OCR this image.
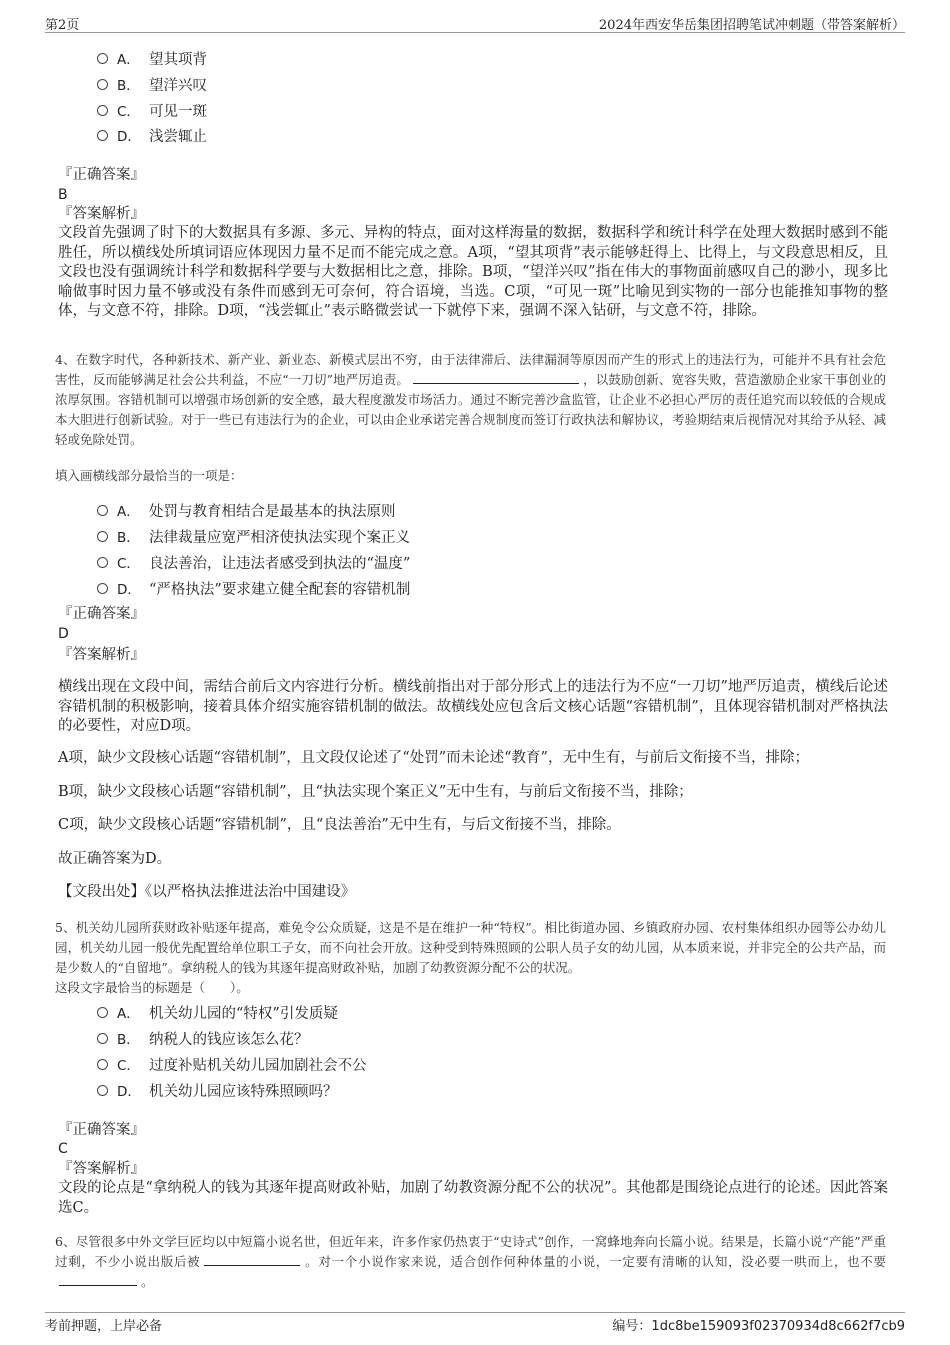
第2页	2024年西安华岳集团招聘笔试冲刺题（带答案解析）
A． 望其项背
B． 望洋兴叹
C． 可见一斑
D． 浅尝辄止
『正确答案』
B
『答案解析』
文段首先强调了时下的大数据具有多源、多元、异构的特点，面对这样海量的数据，数据科学和统计科学在处理大数据时感到不能胜任，所以横线处所填词语应体现因力量不足而不能完成之意。A项，“望其项背”表示能够赶得上、比得上，与文段意思相反，且文段也没有强调统计科学和数据科学要与大数据相比之意，排除。B项，“望洋兴叹”指在伟大的事物面前感叹自己的渺小，现多比喻做事时因力量不够或没有条件而感到无可奈何，符合语境，当选。C项，“可见一斑”比喻见到实物的一部分也能推知事物的整体，与文意不符，排除。D项，“浅尝辄止”表示略微尝试一下就停下来，强调不深入钻研，与文意不符，排除。
4、在数字时代，各种新技术、新产业、新业态、新模式层出不穷，由于法律滞后、法律漏洞等原因而产生的形式上的违法行为，可能并不具有社会危害性，反而能够满足社会公共利益，不应“一刀切”地严厉追责。	，以鼓励创新、宽容失败，营造激励企业家干事创业的浓厚氛围。容错机制可以增强市场创新的安全感，最大程度激发市场活力。通过不断完善沙盒监管，让企业不必担心严厉的责任追究而以较低的合规成本大胆进行创新试验。对于一些已有违法行为的企业，可以由企业承诺完善合规制度而签订行政执法和解协议，考验期结束后视情况对其给予从轻、减轻或免除处罚。
填入画横线部分最恰当的一项是：
A． 处罚与教育相结合是最基本的执法原则
B． 法律裁量应宽严相济使执法实现个案正义
C． 良法善治，让违法者感受到执法的“温度”
D． “严格执法”要求建立健全配套的容错机制
『正确答案』
D
『答案解析』
横线出现在文段中间，需结合前后文内容进行分析。横线前指出对于部分形式上的违法行为不应“一刀切”地严厉追责，横线后论述容错机制的积极影响，接着具体介绍实施容错机制的做法。故横线处应包含后文核心话题“容错机制”，且体现容错机制对严格执法的必要性，对应D项。
A项，缺少文段核心话题“容错机制”，且文段仅论述了“处罚”而未论述“教育”，无中生有，与前后文衔接不当，排除；
B项，缺少文段核心话题“容错机制”，且“执法实现个案正义”无中生有，与前后文衔接不当，排除；
C项，缺少文段核心话题“容错机制”，且“良法善治”无中生有，与后文衔接不当，排除。
故正确答案为D。
【文段出处】《以严格执法推进法治中国建设》
5、机关幼儿园所获财政补贴逐年提高，难免令公众质疑，这是不是在维护一种“特权”。相比街道办园、乡镇政府办园、农村集体组织办园等公办幼儿园，机关幼儿园一般优先配置给单位职工子女，而不向社会开放。这种受到特殊照顾的公职人员子女的幼儿园，从本质来说，并非完全的公共产品，而是少数人的“自留地”。拿纳税人的钱为其逐年提高财政补贴，加剧了幼教资源分配不公的状况。
这段文字最恰当的标题是（　　）。
A． 机关幼儿园的“特权”引发质疑
B． 纳税人的钱应该怎么花？
C． 过度补贴机关幼儿园加剧社会不公
D． 机关幼儿园应该特殊照顾吗？
『正确答案』
C
『答案解析』
文段的论点是“拿纳税人的钱为其逐年提高财政补贴，加剧了幼教资源分配不公的状况”。其他都是围绕论点进行的论述。因此答案选C。
6、尽管很多中外文学巨匠均以中短篇小说名世，但近年来，许多作家仍热衷于“史诗式”创作，一窝蜂地奔向长篇小说。结果是，长篇小说“产能”严重过剩，不少小说出版后被	。对一个小说作家来说，适合创作何种体量的小说，一定要有清晰的认知，没必要一哄而上，也不要。
考前押题，上岸必备	编号：1dc8be159093f02370934d8c662f7cb9
